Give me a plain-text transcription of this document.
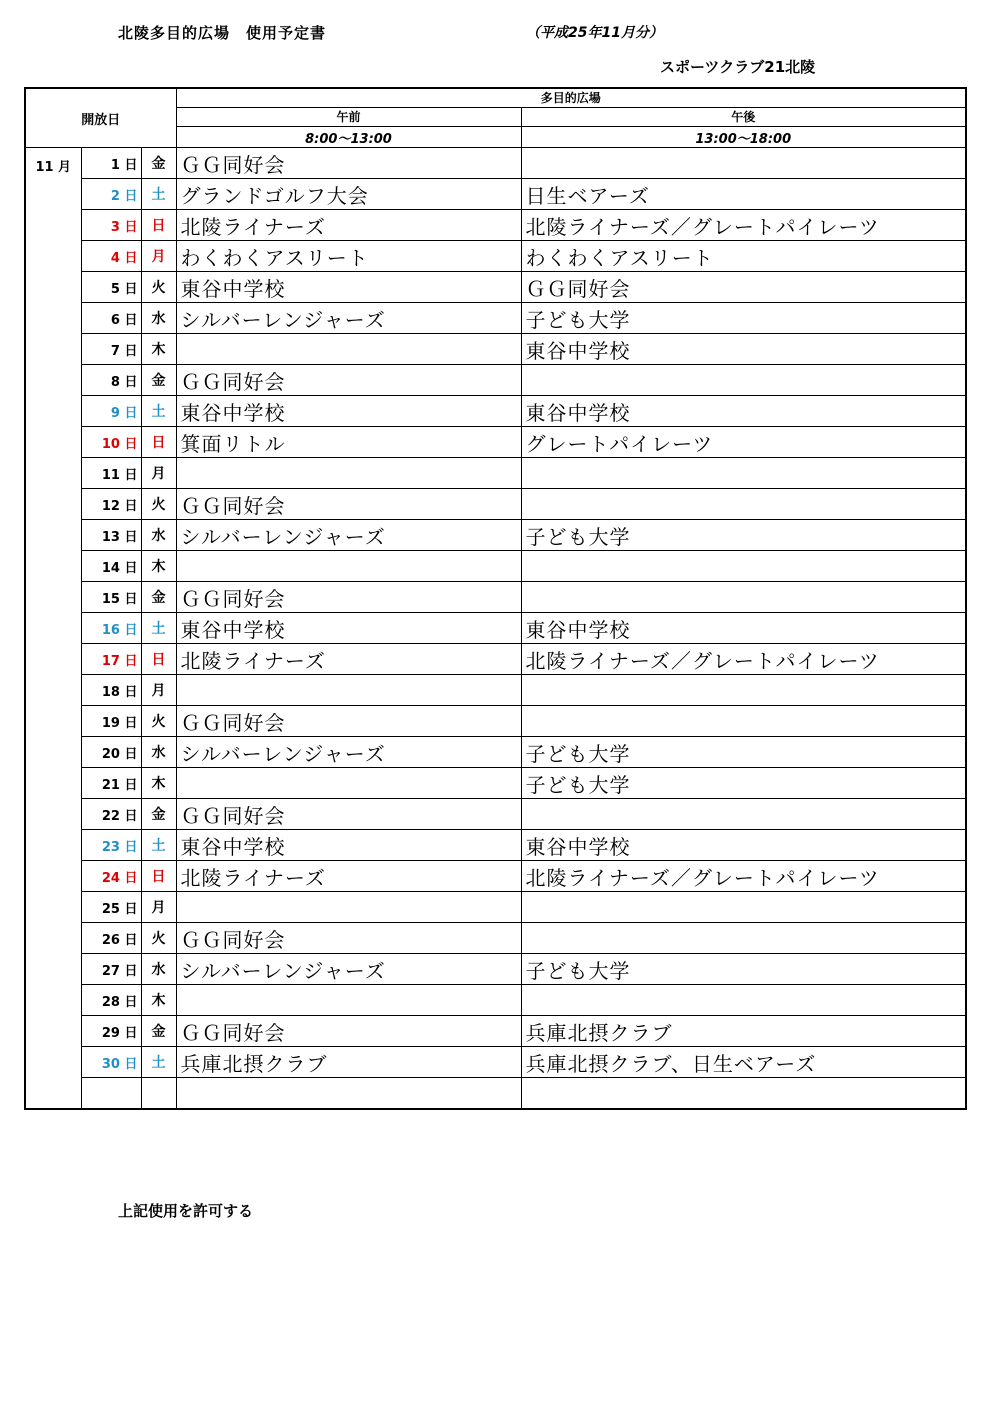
北陵多目的広場　使用予定書	（平成25年11月分）
スポーツクラブ21北陵
開放日			多目的広場	
			午前	午後
			8:00～13:00	13:00～18:00
11 月	1 日	金	ＧＧ同好会	
	2 日	土	グランドゴルフ大会	日生ベアーズ
	3 日	日	北陵ライナーズ	北陵ライナーズ／グレートパイレーツ
	4 日	月	わくわくアスリート	わくわくアスリート
	5 日	火	東谷中学校	ＧＧ同好会
	6 日	水	シルバーレンジャーズ	子ども大学
	7 日	木		東谷中学校
	8 日	金	ＧＧ同好会	
	9 日	土	東谷中学校	東谷中学校
	10 日	日	箕面リトル	グレートパイレーツ
	11 日	月		
	12 日	火	ＧＧ同好会	
	13 日	水	シルバーレンジャーズ	子ども大学
	14 日	木		
	15 日	金	ＧＧ同好会	
	16 日	土	東谷中学校	東谷中学校
	17 日	日	北陵ライナーズ	北陵ライナーズ／グレートパイレーツ
	18 日	月		
	19 日	火	ＧＧ同好会	
	20 日	水	シルバーレンジャーズ	子ども大学
	21 日	木		子ども大学
	22 日	金	ＧＧ同好会	
	23 日	土	東谷中学校	東谷中学校
	24 日	日	北陵ライナーズ	北陵ライナーズ／グレートパイレーツ
	25 日	月		
	26 日	火	ＧＧ同好会	
	27 日	水	シルバーレンジャーズ	子ども大学
	28 日	木		
	29 日	金	ＧＧ同好会	兵庫北摂クラブ
	30 日	土	兵庫北摂クラブ	兵庫北摂クラブ、日生ベアーズ

上記使用を許可する
